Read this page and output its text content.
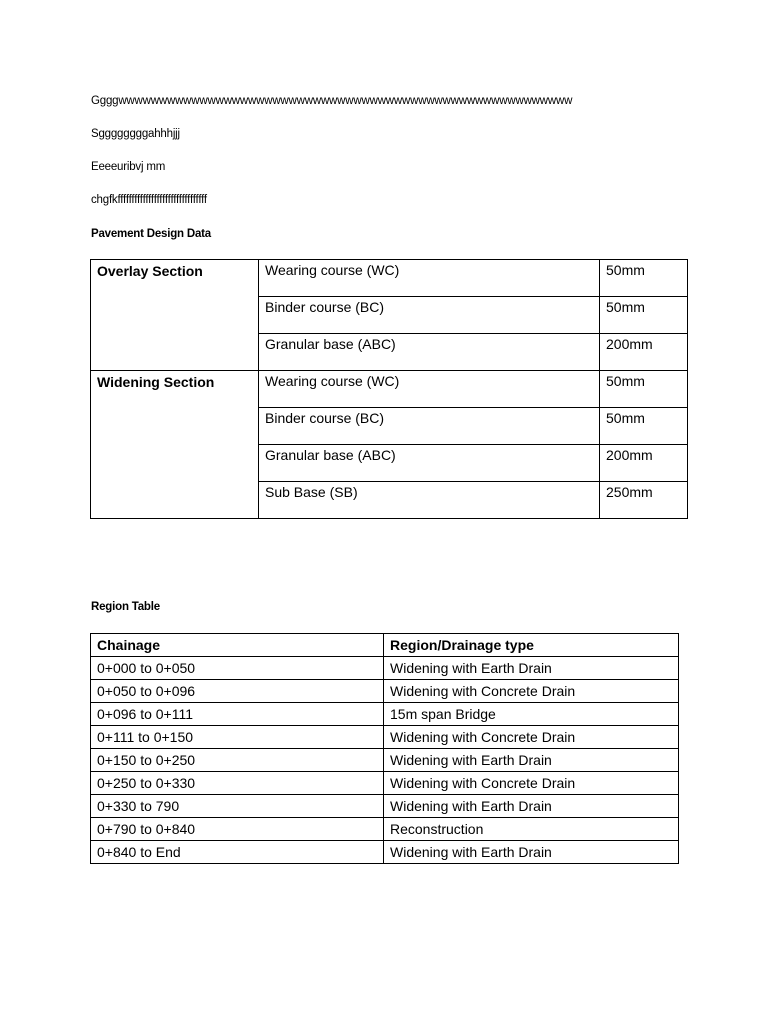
Ggggwwwwwwwwwwwwwwwwwwwwwwwwwwwwwwwwwwwwwwwwwwwwwwwwwwwwwwww
Sggggggggahhhjjj
Eeeeuribvj mm
chgfkffffffffffffffffffffffffffffffff
Pavement Design Data
Overlay Section	Wearing course (WC)	50mm
	Binder course (BC)	50mm
	Granular base (ABC)	200mm
Widening Section	Wearing course (WC)	50mm
	Binder course (BC)	50mm
	Granular base (ABC)	200mm
	Sub Base (SB)	250mm
Region Table
Chainage	Region/Drainage type
0+000 to 0+050	Widening with Earth Drain
0+050 to 0+096	Widening with Concrete Drain
0+096 to 0+111	15m span Bridge
0+111 to 0+150	Widening with Concrete Drain
0+150 to 0+250	Widening with Earth Drain
0+250 to 0+330	Widening with Concrete Drain
0+330 to 790	Widening with Earth Drain
0+790 to 0+840	Reconstruction
0+840 to End	Widening with Earth Drain
